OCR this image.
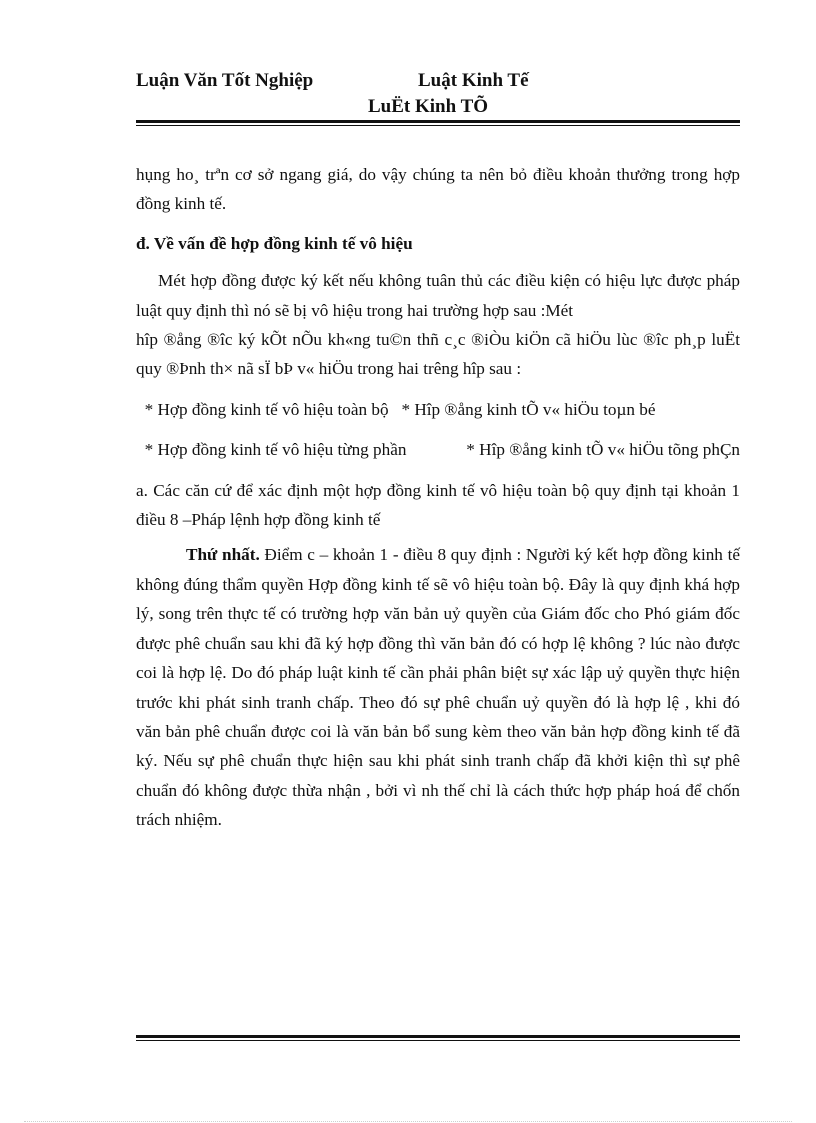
Luận Văn Tốt Nghiệp	Luật Kinh Tế
LuËt Kinh TÕ

hụng ho¸ trªn cơ sở ngang giá, do vậy chúng ta nên bỏ điều khoản thưởng trong hợp đồng kinh tế.

đ. Về vấn đề hợp đồng kinh tế vô hiệu

Mét hợp đồng được ký kết nếu không tuân thủ các điều kiện có hiệu lực được pháp luật quy định thì nó sẽ bị vô hiệu trong hai trường hợp sau :Mét

hîp ®ång ®îc ký kÕt nÕu kh«ng tu©n thñ c¸c ®iÒu kiÖn cã hiÖu lùc ®îc ph¸p luËt quy ®Þnh th× nã sÏ bÞ v« hiÖu trong hai trêng hîp sau :

* Hợp đồng kinh tế vô hiệu toàn bộ * Hîp ®ång kinh tÕ v« hiÖu toµn bé

* Hợp đồng kinh tế vô hiệu từng phần	* Hîp ®ång kinh tÕ v« hiÖu tõng phÇn

a. Các căn cứ để xác định một hợp đồng kinh tế vô hiệu toàn bộ quy định tại khoản 1 điều 8 –Pháp lệnh hợp đồng kinh tế

Thứ nhất. Điểm c – khoản 1 - điều 8 quy định : Người ký kết hợp đồng kinh tế không đúng thẩm quyền Hợp đồng kinh tế sẽ vô hiệu toàn bộ. Đây là quy định khá hợp lý, song trên thực tế có trường hợp văn bản uỷ quyền của Giám đốc cho Phó giám đốc được phê chuẩn sau khi đã ký hợp đồng thì văn bản đó có hợp lệ không ? lúc nào được coi là hợp lệ. Do đó pháp luật kinh tế cần phải phân biệt sự xác lập uỷ quyền thực hiện trước khi phát sinh tranh chấp. Theo đó sự phê chuẩn uỷ quyền đó là hợp lệ , khi đó văn bản phê chuẩn được coi là văn bản bổ sung kèm theo văn bản hợp đồng kinh tế đã ký. Nếu sự phê chuẩn thực hiện sau khi phát sinh tranh chấp đã khởi kiện thì sự phê chuẩn đó không được thừa nhận , bởi vì nh thế chỉ là cách thức hợp pháp hoá để chốn trách nhiệm.
